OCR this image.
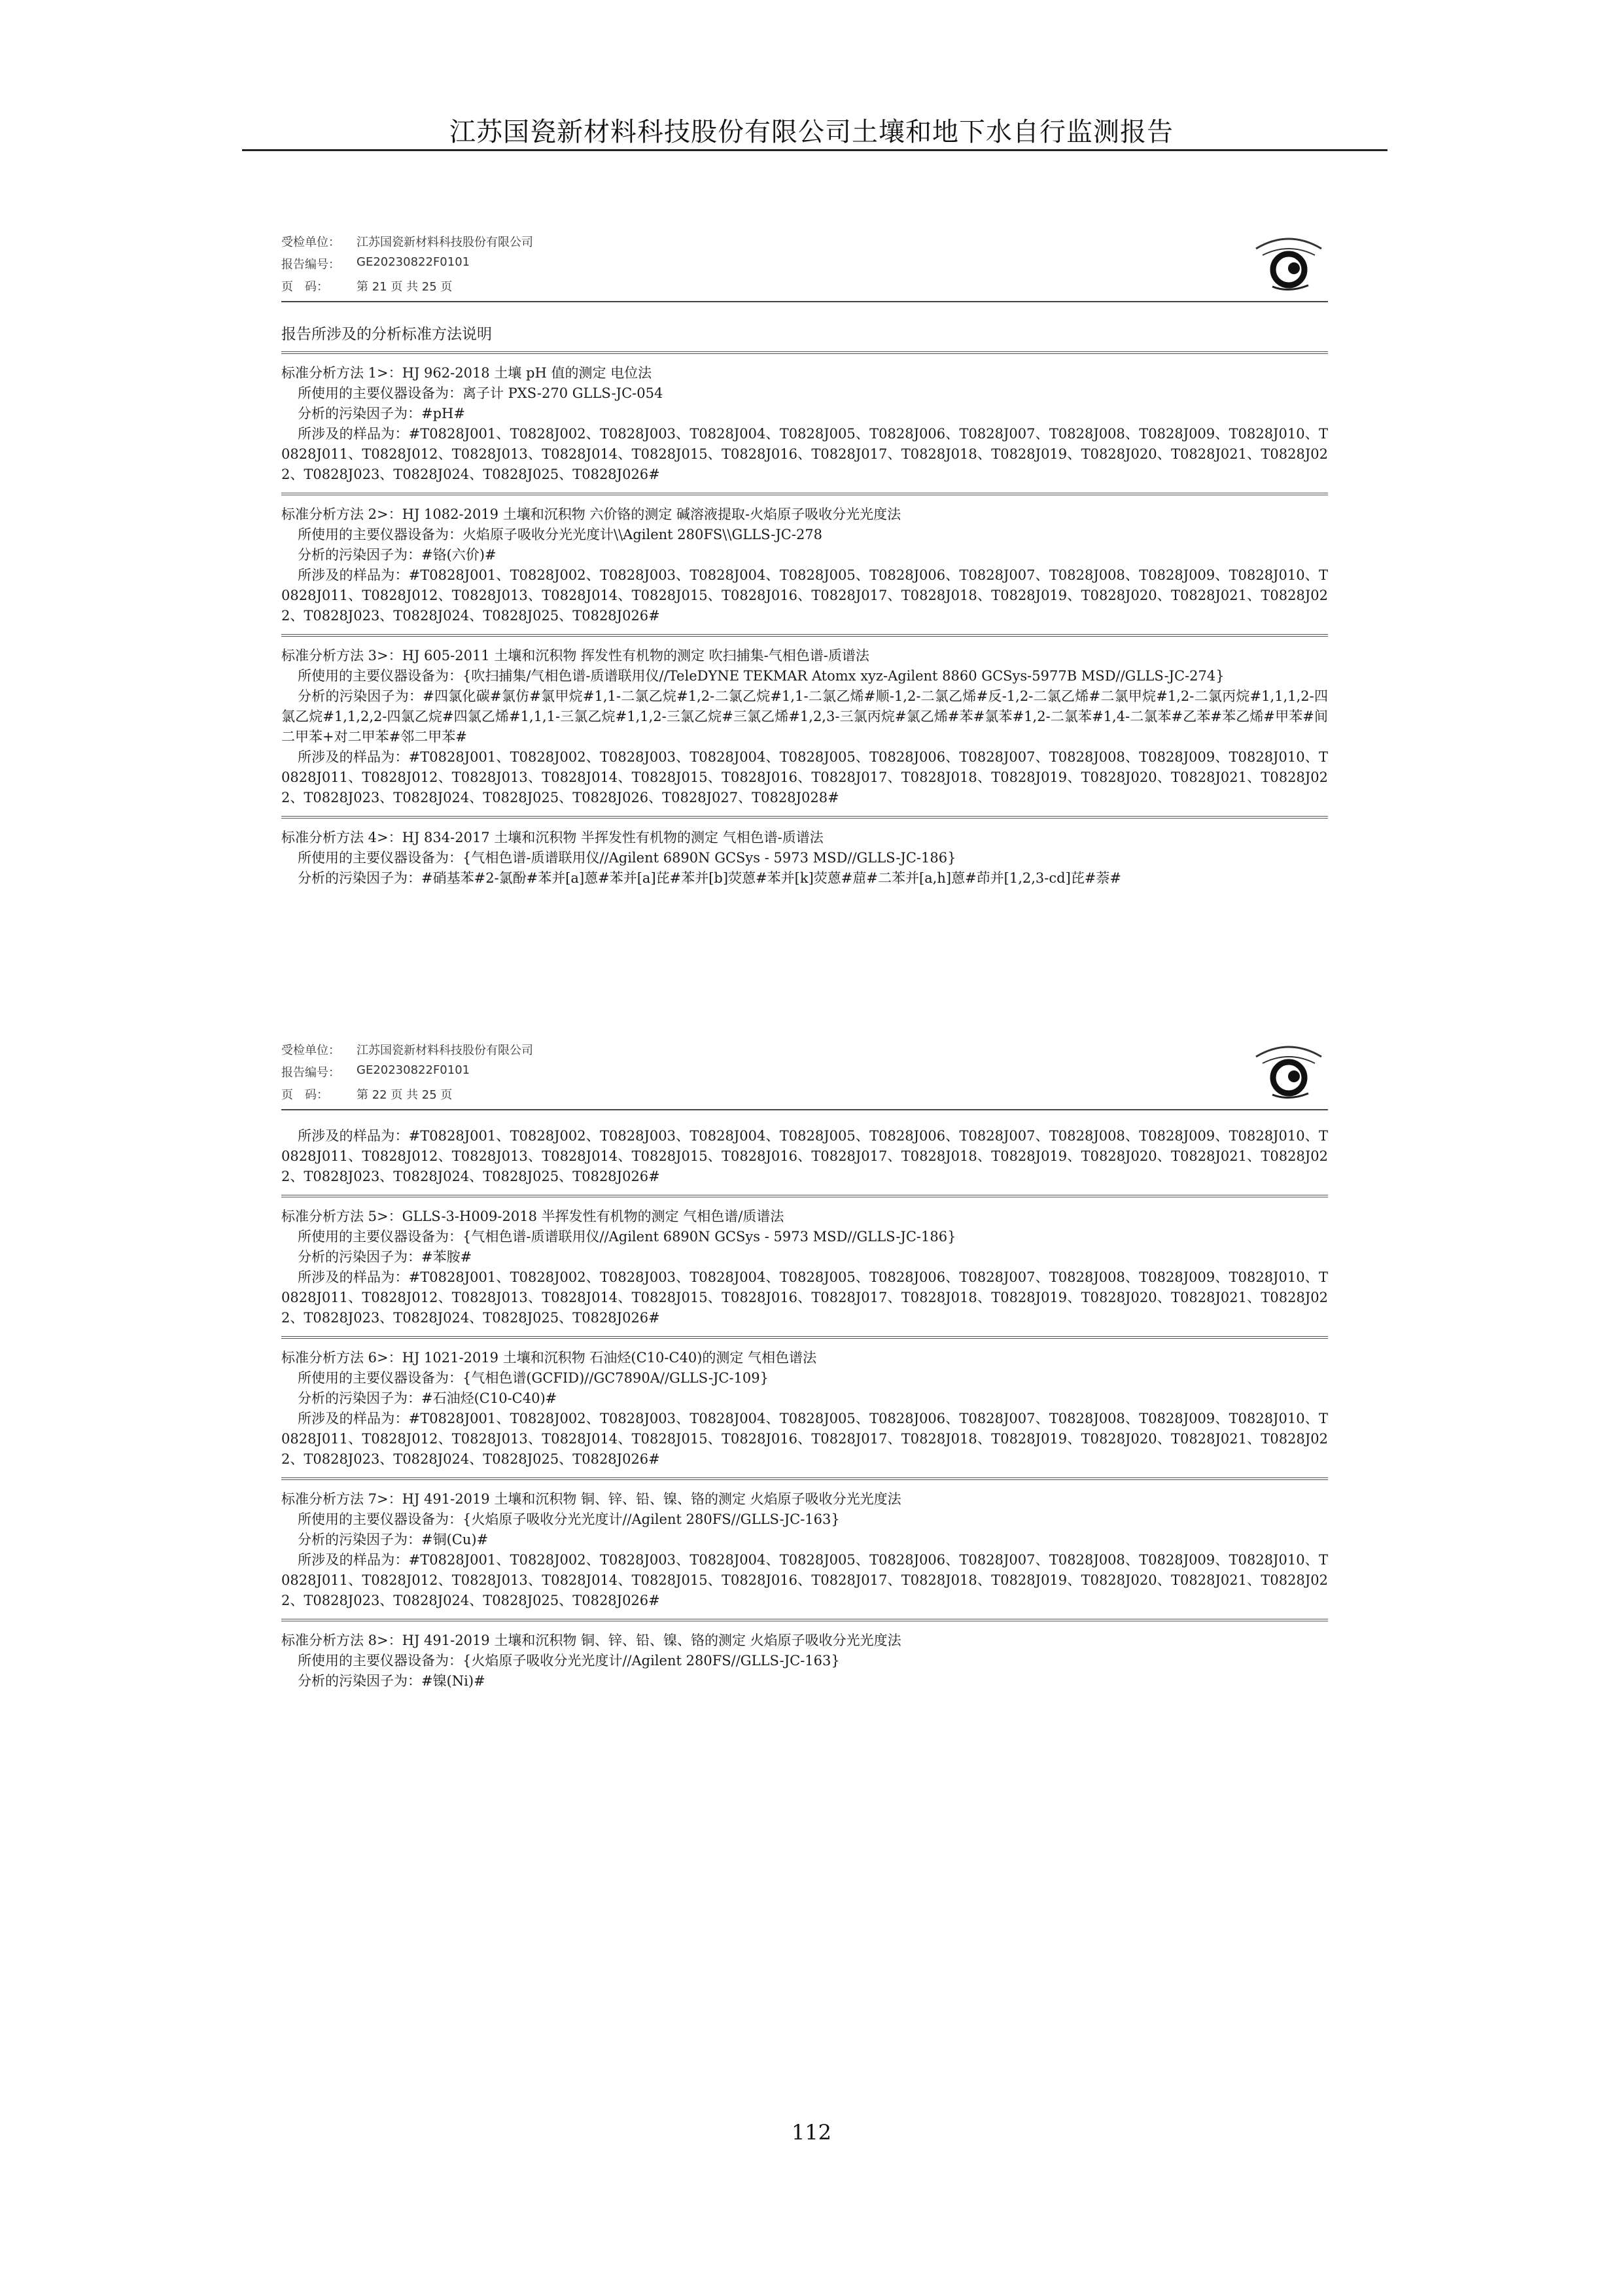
江苏国瓷新材料科技股份有限公司土壤和地下水自行监测报告
受检单位： 江苏国瓷新材料科技股份有限公司
报告编号： GE20230822F0101
页　码： 第 21 页 共 25 页
报告所涉及的分析标准方法说明
标准分析方法 1>：HJ 962-2018 土壤 pH 值的测定 电位法
所使用的主要仪器设备为：离子计 PXS-270 GLLS-JC-054
分析的污染因子为：#pH#
所涉及的样品为：#T0828J001、T0828J002、T0828J003、T0828J004、T0828J005、T0828J006、T0828J007、T0828J008、T0828J009、T0828J010、T0828J011、T0828J012、T0828J013、T0828J014、T0828J015、T0828J016、T0828J017、T0828J018、T0828J019、T0828J020、T0828J021、T0828J022、T0828J023、T0828J024、T0828J025、T0828J026#
标准分析方法 2>：HJ 1082-2019 土壤和沉积物 六价铬的测定 碱溶液提取-火焰原子吸收分光光度法
所使用的主要仪器设备为：火焰原子吸收分光光度计\\Agilent 280FS\\GLLS-JC-278
分析的污染因子为：#铬(六价)#
所涉及的样品为：#T0828J001、T0828J002、T0828J003、T0828J004、T0828J005、T0828J006、T0828J007、T0828J008、T0828J009、T0828J010、T0828J011、T0828J012、T0828J013、T0828J014、T0828J015、T0828J016、T0828J017、T0828J018、T0828J019、T0828J020、T0828J021、T0828J022、T0828J023、T0828J024、T0828J025、T0828J026#
标准分析方法 3>：HJ 605-2011 土壤和沉积物 挥发性有机物的测定 吹扫捕集-气相色谱-质谱法
所使用的主要仪器设备为：{吹扫捕集/气相色谱-质谱联用仪//TeleDYNE TEKMAR Atomx xyz-Agilent 8860 GCSys-5977B MSD//GLLS-JC-274}
分析的污染因子为：#四氯化碳#氯仿#氯甲烷#1,1-二氯乙烷#1,2-二氯乙烷#1,1-二氯乙烯#顺-1,2-二氯乙烯#反-1,2-二氯乙烯#二氯甲烷#1,2-二氯丙烷#1,1,1,2-四氯乙烷#1,1,2,2-四氯乙烷#四氯乙烯#1,1,1-三氯乙烷#1,1,2-三氯乙烷#三氯乙烯#1,2,3-三氯丙烷#氯乙烯#苯#氯苯#1,2-二氯苯#1,4-二氯苯#乙苯#苯乙烯#甲苯#间二甲苯+对二甲苯#邻二甲苯#
所涉及的样品为：#T0828J001、T0828J002、T0828J003、T0828J004、T0828J005、T0828J006、T0828J007、T0828J008、T0828J009、T0828J010、T0828J011、T0828J012、T0828J013、T0828J014、T0828J015、T0828J016、T0828J017、T0828J018、T0828J019、T0828J020、T0828J021、T0828J022、T0828J023、T0828J024、T0828J025、T0828J026、T0828J027、T0828J028#
标准分析方法 4>：HJ 834-2017 土壤和沉积物 半挥发性有机物的测定 气相色谱-质谱法
所使用的主要仪器设备为：{气相色谱-质谱联用仪//Agilent 6890N GCSys - 5973 MSD//GLLS-JC-186}
分析的污染因子为：#硝基苯#2-氯酚#苯并[a]蒽#苯并[a]芘#苯并[b]荧蒽#苯并[k]荧蒽#䓛#二苯并[a,h]蒽#茚并[1,2,3-cd]芘#萘#
受检单位： 江苏国瓷新材料科技股份有限公司
报告编号： GE20230822F0101
页　码： 第 22 页 共 25 页
所涉及的样品为：#T0828J001、T0828J002、T0828J003、T0828J004、T0828J005、T0828J006、T0828J007、T0828J008、T0828J009、T0828J010、T0828J011、T0828J012、T0828J013、T0828J014、T0828J015、T0828J016、T0828J017、T0828J018、T0828J019、T0828J020、T0828J021、T0828J022、T0828J023、T0828J024、T0828J025、T0828J026#
标准分析方法 5>：GLLS-3-H009-2018 半挥发性有机物的测定 气相色谱/质谱法
所使用的主要仪器设备为：{气相色谱-质谱联用仪//Agilent 6890N GCSys - 5973 MSD//GLLS-JC-186}
分析的污染因子为：#苯胺#
所涉及的样品为：#T0828J001、T0828J002、T0828J003、T0828J004、T0828J005、T0828J006、T0828J007、T0828J008、T0828J009、T0828J010、T0828J011、T0828J012、T0828J013、T0828J014、T0828J015、T0828J016、T0828J017、T0828J018、T0828J019、T0828J020、T0828J021、T0828J022、T0828J023、T0828J024、T0828J025、T0828J026#
标准分析方法 6>：HJ 1021-2019 土壤和沉积物 石油烃(C10-C40)的测定 气相色谱法
所使用的主要仪器设备为：{气相色谱(GCFID)//GC7890A//GLLS-JC-109}
分析的污染因子为：#石油烃(C10-C40)#
所涉及的样品为：#T0828J001、T0828J002、T0828J003、T0828J004、T0828J005、T0828J006、T0828J007、T0828J008、T0828J009、T0828J010、T0828J011、T0828J012、T0828J013、T0828J014、T0828J015、T0828J016、T0828J017、T0828J018、T0828J019、T0828J020、T0828J021、T0828J022、T0828J023、T0828J024、T0828J025、T0828J026#
标准分析方法 7>：HJ 491-2019 土壤和沉积物 铜、锌、铅、镍、铬的测定 火焰原子吸收分光光度法
所使用的主要仪器设备为：{火焰原子吸收分光光度计//Agilent 280FS//GLLS-JC-163}
分析的污染因子为：#铜(Cu)#
所涉及的样品为：#T0828J001、T0828J002、T0828J003、T0828J004、T0828J005、T0828J006、T0828J007、T0828J008、T0828J009、T0828J010、T0828J011、T0828J012、T0828J013、T0828J014、T0828J015、T0828J016、T0828J017、T0828J018、T0828J019、T0828J020、T0828J021、T0828J022、T0828J023、T0828J024、T0828J025、T0828J026#
标准分析方法 8>：HJ 491-2019 土壤和沉积物 铜、锌、铅、镍、铬的测定 火焰原子吸收分光光度法
所使用的主要仪器设备为：{火焰原子吸收分光光度计//Agilent 280FS//GLLS-JC-163}
分析的污染因子为：#镍(Ni)#
112
